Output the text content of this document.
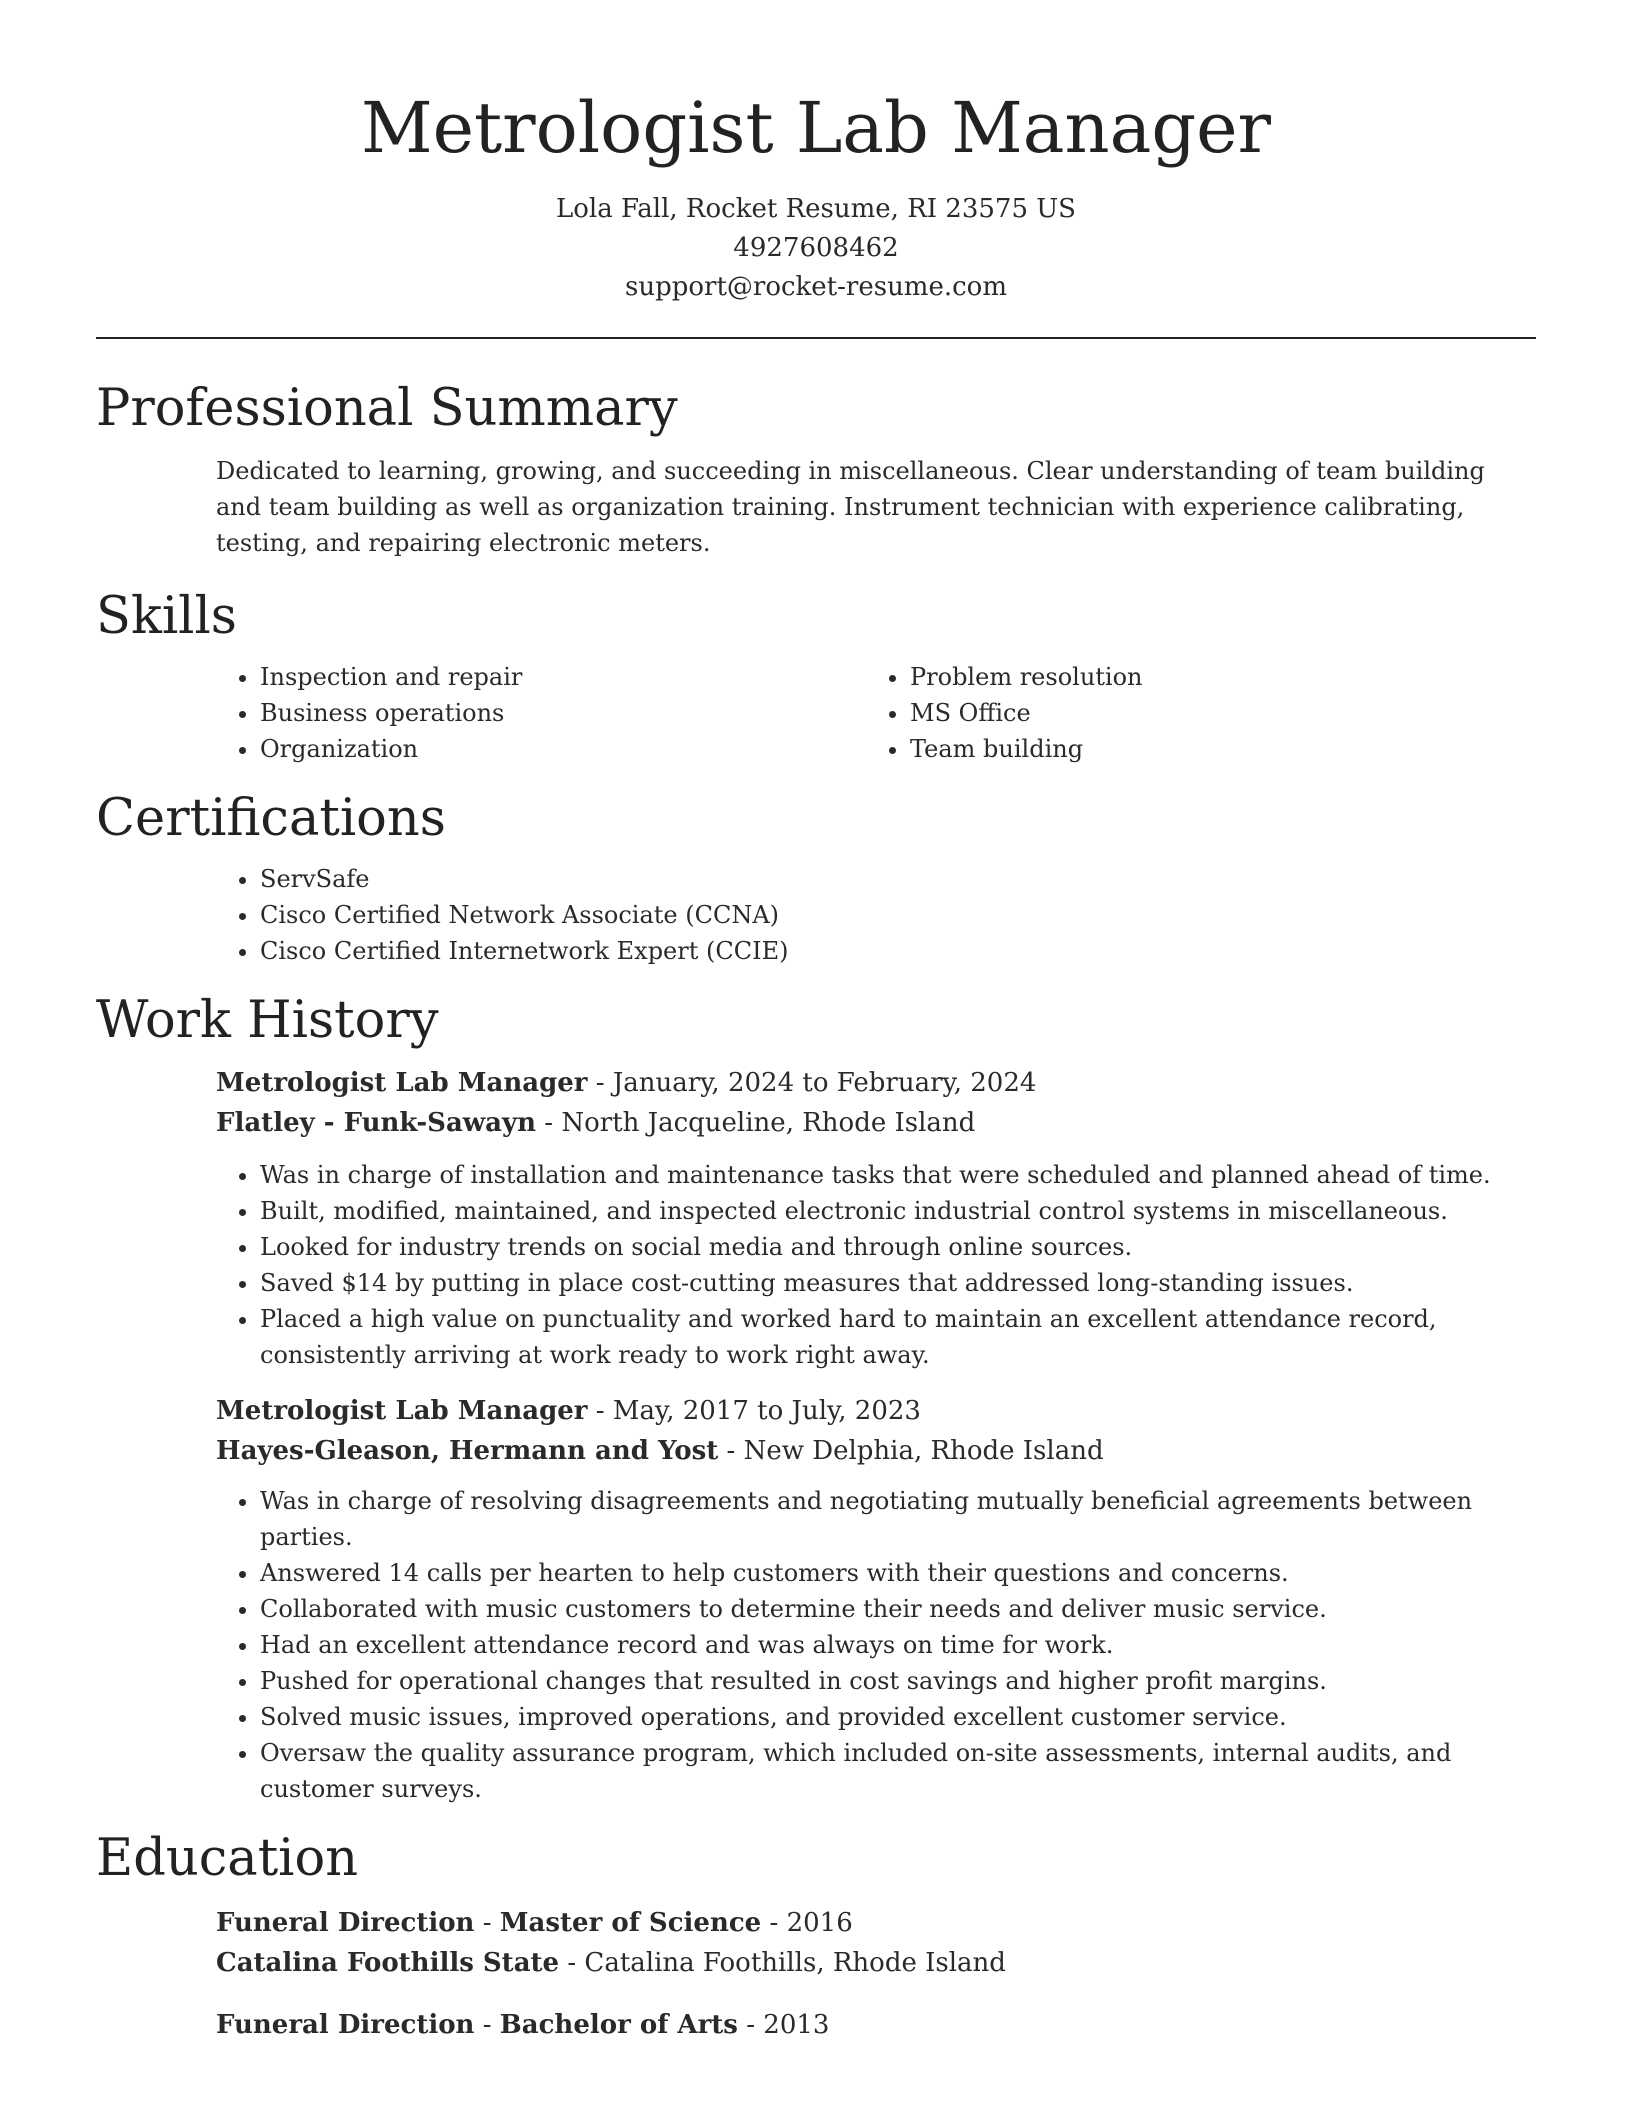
Metrologist Lab Manager
Lola Fall, Rocket Resume, RI 23575 US
4927608462
support@rocket-resume.com
Professional Summary
Dedicated to learning, growing, and succeeding in miscellaneous. Clear understanding of team building and team building as well as organization training. Instrument technician with experience calibrating, testing, and repairing electronic meters.
Skills
• Inspection and repair
• Business operations
• Organization
• Problem resolution
• MS Office
• Team building
Certifications
• ServSafe
• Cisco Certified Network Associate (CCNA)
• Cisco Certified Internetwork Expert (CCIE)
Work History
Metrologist Lab Manager - January, 2024 to February, 2024
Flatley - Funk-Sawayn - North Jacqueline, Rhode Island
• Was in charge of installation and maintenance tasks that were scheduled and planned ahead of time.
• Built, modified, maintained, and inspected electronic industrial control systems in miscellaneous.
• Looked for industry trends on social media and through online sources.
• Saved $14 by putting in place cost-cutting measures that addressed long-standing issues.
• Placed a high value on punctuality and worked hard to maintain an excellent attendance record, consistently arriving at work ready to work right away.
Metrologist Lab Manager - May, 2017 to July, 2023
Hayes-Gleason, Hermann and Yost - New Delphia, Rhode Island
• Was in charge of resolving disagreements and negotiating mutually beneficial agreements between parties.
• Answered 14 calls per hearten to help customers with their questions and concerns.
• Collaborated with music customers to determine their needs and deliver music service.
• Had an excellent attendance record and was always on time for work.
• Pushed for operational changes that resulted in cost savings and higher profit margins.
• Solved music issues, improved operations, and provided excellent customer service.
• Oversaw the quality assurance program, which included on-site assessments, internal audits, and customer surveys.
Education
Funeral Direction - Master of Science - 2016
Catalina Foothills State - Catalina Foothills, Rhode Island
Funeral Direction - Bachelor of Arts - 2013
